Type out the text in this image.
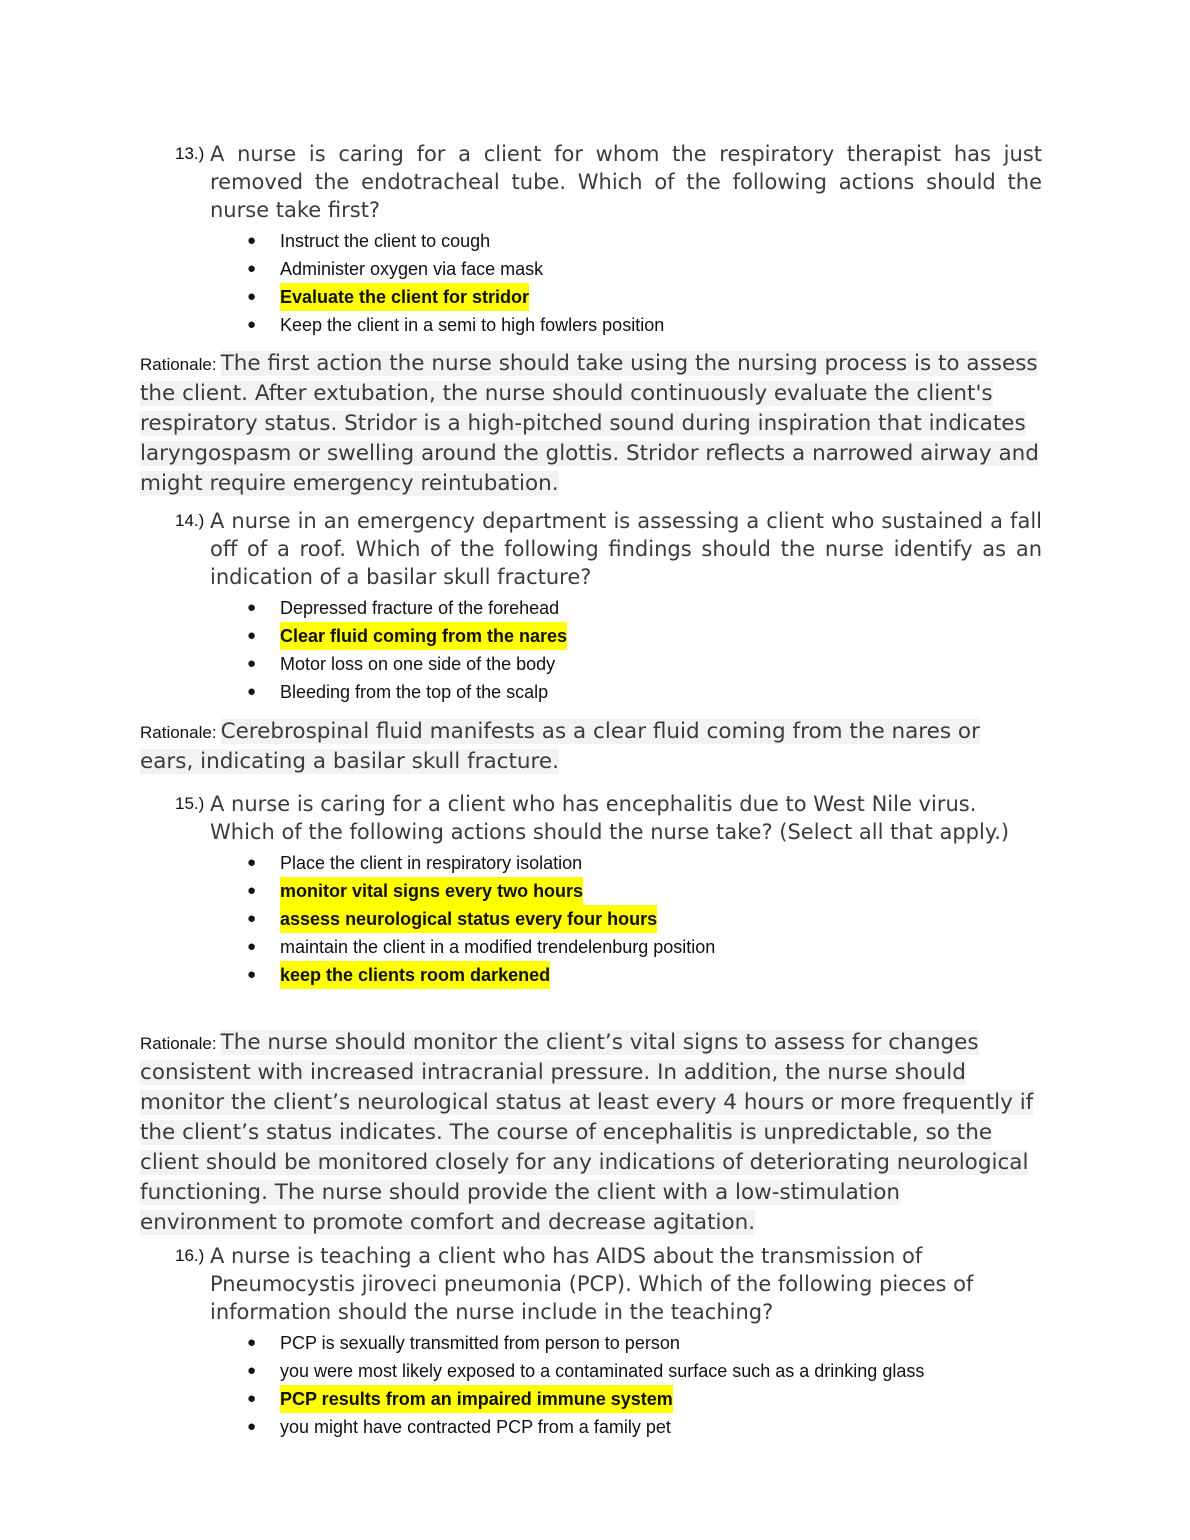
13.) A nurse is caring for a client for whom the respiratory therapist has just removed the endotracheal tube. Which of the following actions should the nurse take first?
●	Instruct the client to cough
●	Administer oxygen via face mask
●	Evaluate the client for stridor
●	Keep the client in a semi to high fowlers position
Rationale: The first action the nurse should take using the nursing process is to assess the client. After extubation, the nurse should continuously evaluate the client's respiratory status. Stridor is a high-pitched sound during inspiration that indicates laryngospasm or swelling around the glottis. Stridor reflects a narrowed airway and might require emergency reintubation.
14.) A nurse in an emergency department is assessing a client who sustained a fall off of a roof. Which of the following findings should the nurse identify as an indication of a basilar skull fracture?
●	Depressed fracture of the forehead
●	Clear fluid coming from the nares
●	Motor loss on one side of the body
●	Bleeding from the top of the scalp
Rationale: Cerebrospinal fluid manifests as a clear fluid coming from the nares or ears, indicating a basilar skull fracture.
15.) A nurse is caring for a client who has encephalitis due to West Nile virus. Which of the following actions should the nurse take? (Select all that apply.)
●	Place the client in respiratory isolation
●	monitor vital signs every two hours
●	assess neurological status every four hours
●	maintain the client in a modified trendelenburg position
●	keep the clients room darkened
Rationale: The nurse should monitor the client’s vital signs to assess for changes consistent with increased intracranial pressure. In addition, the nurse should monitor the client’s neurological status at least every 4 hours or more frequently if the client’s status indicates. The course of encephalitis is unpredictable, so the client should be monitored closely for any indications of deteriorating neurological functioning. The nurse should provide the client with a low-stimulation environment to promote comfort and decrease agitation.
16.) A nurse is teaching a client who has AIDS about the transmission of Pneumocystis jiroveci pneumonia (PCP). Which of the following pieces of information should the nurse include in the teaching?
●	PCP is sexually transmitted from person to person
●	you were most likely exposed to a contaminated surface such as a drinking glass
●	PCP results from an impaired immune system
●	you might have contracted PCP from a family pet
